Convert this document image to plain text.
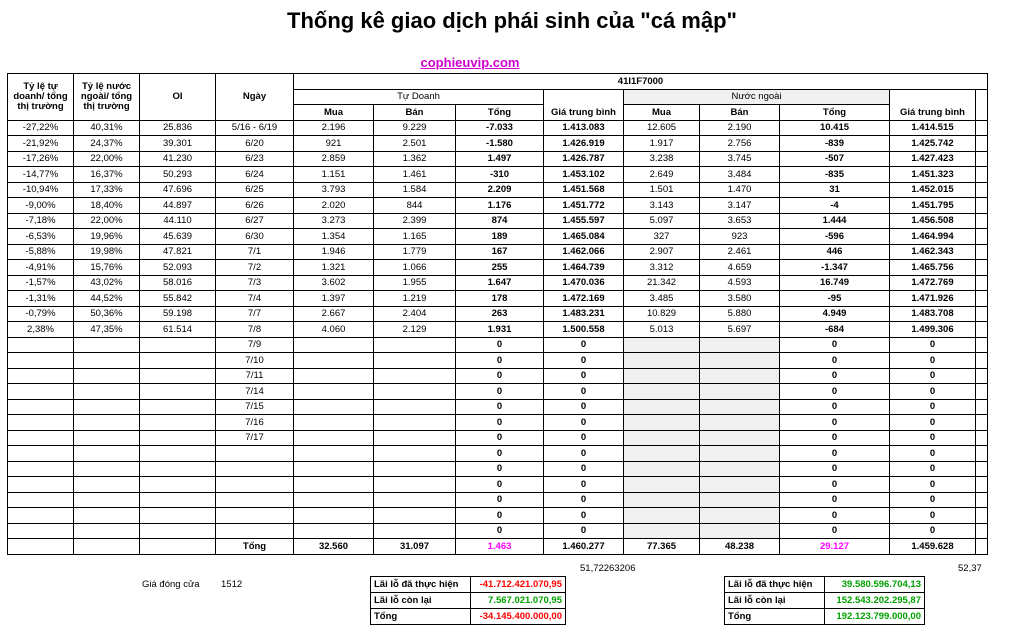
Thống kê giao dịch phái sinh của "cá mập"
cophieuvip.com
Tỷ lệ tự doanh/ tổng thị trường	Tỷ lệ nước ngoài/ tổng thị trường	OI	Ngày	41I1F7000								
				Tự Doanh				Nước ngoài				
				Mua	Bán	Tổng	Giá trung bình	Mua	Bán	Tổng	Giá trung bình	
-27,22%	40,31%	25.836	5/16 - 6/19	2.196	9.229	-7.033	1.413.083	12.605	2.190	10.415	1.414.515	
-21,92%	24,37%	39.301	6/20	921	2.501	-1.580	1.426.919	1.917	2.756	-839	1.425.742	
-17,26%	22,00%	41.230	6/23	2.859	1.362	1.497	1.426.787	3.238	3.745	-507	1.427.423	
-14,77%	16,37%	50.293	6/24	1.151	1.461	-310	1.453.102	2.649	3.484	-835	1.451.323	
-10,94%	17,33%	47.696	6/25	3.793	1.584	2.209	1.451.568	1.501	1.470	31	1.452.015	
-9,00%	18,40%	44.897	6/26	2.020	844	1.176	1.451.772	3.143	3.147	-4	1.451.795	
-7,18%	22,00%	44.110	6/27	3.273	2.399	874	1.455.597	5.097	3.653	1.444	1.456.508	
-6,53%	19,96%	45.639	6/30	1.354	1.165	189	1.465.084	327	923	-596	1.464.994	
-5,88%	19,98%	47.821	7/1	1.946	1.779	167	1.462.066	2.907	2.461	446	1.462.343	
-4,91%	15,76%	52.093	7/2	1.321	1.066	255	1.464.739	3.312	4.659	-1.347	1.465.756	
-1,57%	43,02%	58.016	7/3	3.602	1.955	1.647	1.470.036	21.342	4.593	16.749	1.472.769	
-1,31%	44,52%	55.842	7/4	1.397	1.219	178	1.472.169	3.485	3.580	-95	1.471.926	
-0,79%	50,36%	59.198	7/7	2.667	2.404	263	1.483.231	10.829	5.880	4.949	1.483.708	
2,38%	47,35%	61.514	7/8	4.060	2.129	1.931	1.500.558	5.013	5.697	-684	1.499.306	
			7/9			0	0			0	0	
			7/10			0	0			0	0	
			7/11			0	0			0	0	
			7/14			0	0			0	0	
			7/15			0	0			0	0	
			7/16			0	0			0	0	
			7/17			0	0			0	0	
						0	0			0	0	
						0	0			0	0	
						0	0			0	0	
						0	0			0	0	
						0	0			0	0	
						0	0			0	0	
			Tổng	32.560	31.097	1.463	1.460.277	77.365	48.238	29.127	1.459.628	
51,72263206	52,37
Giá đóng cửa 1512	Lãi lỗ đã thực hiện	-41.712.421.070,95
Lãi lỗ còn lại	7.567.021.070,95
Tổng	-34.145.400.000,00
Lãi lỗ đã thực hiện	39.580.596.704,13
Lãi lỗ còn lại	152.543.202.295,87
Tổng	192.123.799.000,00
